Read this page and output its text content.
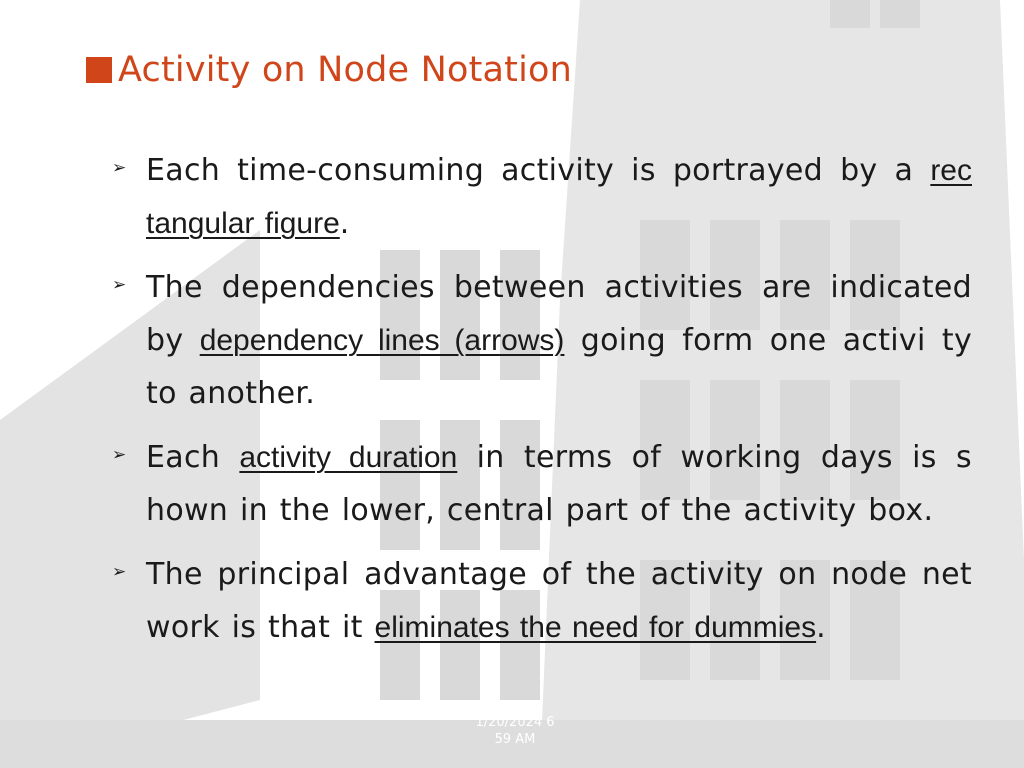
Activity on Node Notation
➢ Each time-consuming activity is portrayed by a rec tangular figure.
➢ The dependencies between activities are indicated by dependency lines (arrows) going form one activi ty to another.
➢ Each activity duration in terms of working days is s hown in the lower, central part of the activity box.
➢ The principal advantage of the activity on node net work is that it eliminates the need for dummies.
1/20/2024 6
59 AM
